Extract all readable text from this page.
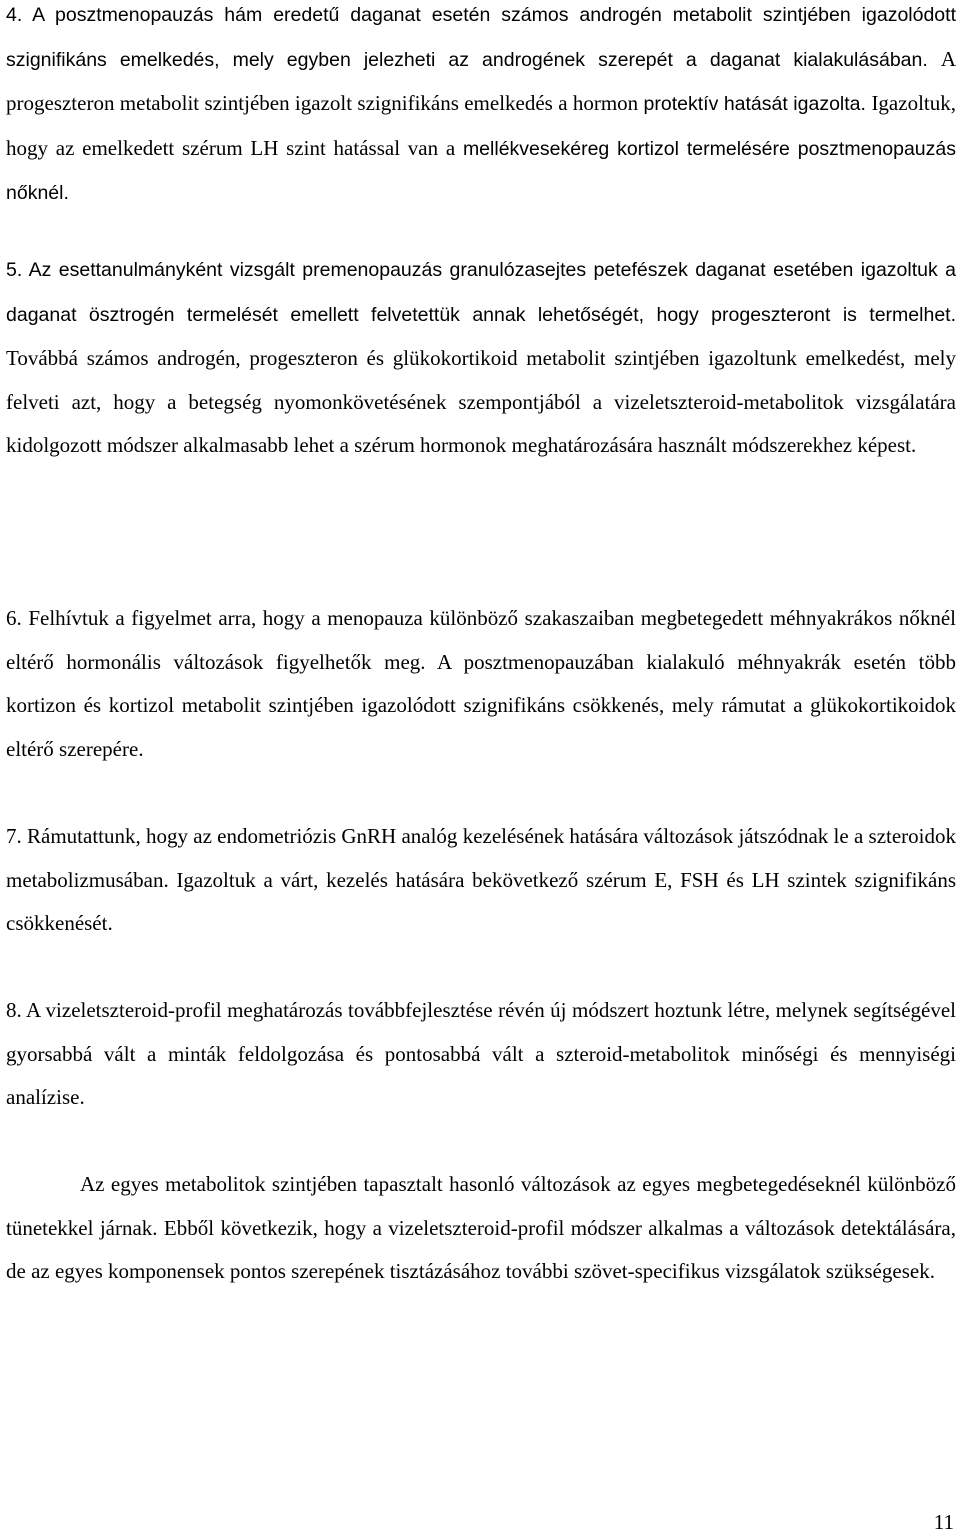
4. A posztmenopauzás hám eredetű daganat esetén számos androgén metabolit szintjében igazolódott szignifikáns emelkedés, mely egyben jelezheti az androgének szerepét a daganat kialakulásában. A progeszteron metabolit szintjében igazolt szignifikáns emelkedés a hormon protektív hatását igazolta. Igazoltuk, hogy az emelkedett szérum LH szint hatással van a mellékvesekéreg kortizol termelésére posztmenopauzás nőknél.

5. Az esettanulmányként vizsgált premenopauzás granulózasejtes petefészek daganat esetében igazoltuk a daganat ösztrogén termelését emellett felvetettük annak lehetőségét, hogy progeszteront is termelhet. Továbbá számos androgén, progeszteron és glükokortikoid metabolit szintjében igazoltunk emelkedést, mely felveti azt, hogy a betegség nyomonkövetésének szempontjából a vizeletszteroid-metabolitok vizsgálatára kidolgozott módszer alkalmasabb lehet a szérum hormonok meghatározására használt módszerekhez képest.

6. Felhívtuk a figyelmet arra, hogy a menopauza különböző szakaszaiban megbetegedett méhnyakrákos nőknél eltérő hormonális változások figyelhetők meg. A posztmenopauzában kialakuló méhnyakrák esetén több kortizon és kortizol metabolit szintjében igazolódott szignifikáns csökkenés, mely rámutat a glükokortikoidok eltérő szerepére.

7. Rámutattunk, hogy az endometriózis GnRH analóg kezelésének hatására változások játszódnak le a szteroidok metabolizmusában. Igazoltuk a várt, kezelés hatására bekövetkező szérum E, FSH és LH szintek szignifikáns csökkenését.

8. A vizeletszteroid-profil meghatározás továbbfejlesztése révén új módszert hoztunk létre, melynek segítségével gyorsabbá vált a minták feldolgozása és pontosabbá vált a szteroid-metabolitok minőségi és mennyiségi analízise.

Az egyes metabolitok szintjében tapasztalt hasonló változások az egyes megbetegedéseknél különböző tünetekkel járnak. Ebből következik, hogy a vizeletszteroid-profil módszer alkalmas a változások detektálására, de az egyes komponensek pontos szerepének tisztázásához további szövet-specifikus vizsgálatok szükségesek.

11
